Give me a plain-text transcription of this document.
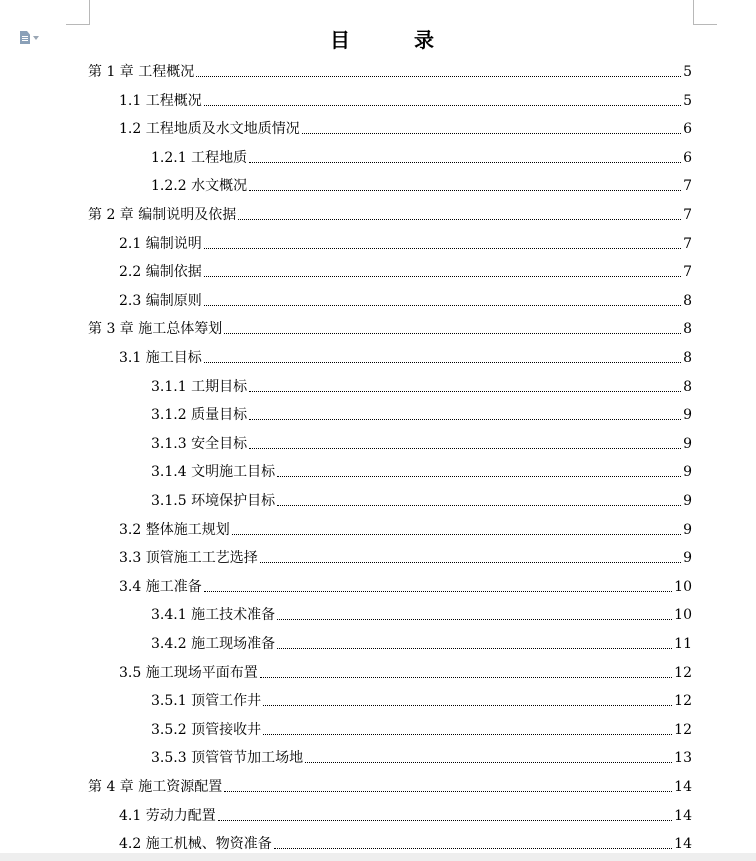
目　录
第 1 章 工程概况	5
1.1 工程概况	5
1.2 工程地质及水文地质情况	6
1.2.1 工程地质	6
1.2.2 水文概况	7
第 2 章 编制说明及依据	7
2.1 编制说明	7
2.2 编制依据	7
2.3 编制原则	8
第 3 章 施工总体筹划	8
3.1 施工目标	8
3.1.1 工期目标	8
3.1.2 质量目标	9
3.1.3 安全目标	9
3.1.4 文明施工目标	9
3.1.5 环境保护目标	9
3.2 整体施工规划	9
3.3 顶管施工工艺选择	9
3.4 施工准备	10
3.4.1 施工技术准备	10
3.4.2 施工现场准备	11
3.5 施工现场平面布置	12
3.5.1 顶管工作井	12
3.5.2 顶管接收井	12
3.5.3 顶管管节加工场地	13
第 4 章 施工资源配置	14
4.1 劳动力配置	14
4.2 施工机械、物资准备	14
